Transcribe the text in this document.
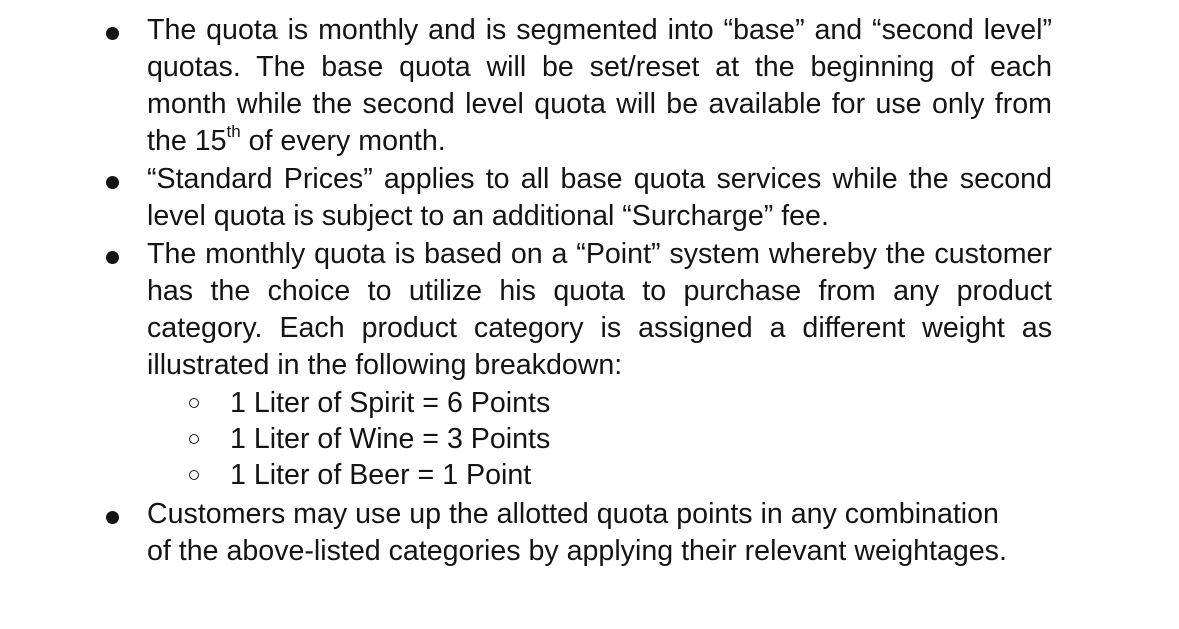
The quota is monthly and is segmented into “base” and “second level”
quotas. The base quota will be set/reset at the beginning of each
month while the second level quota will be available for use only from
the 15th of every month.
“Standard Prices” applies to all base quota services while the second
level quota is subject to an additional “Surcharge” fee.
The monthly quota is based on a “Point” system whereby the customer
has the choice to utilize his quota to purchase from any product
category. Each product category is assigned a different weight as
illustrated in the following breakdown:
1 Liter of Spirit = 6 Points
1 Liter of Wine = 3 Points
1 Liter of Beer = 1 Point
Customers may use up the allotted quota points in any combination
of the above-listed categories by applying their relevant weightages.
